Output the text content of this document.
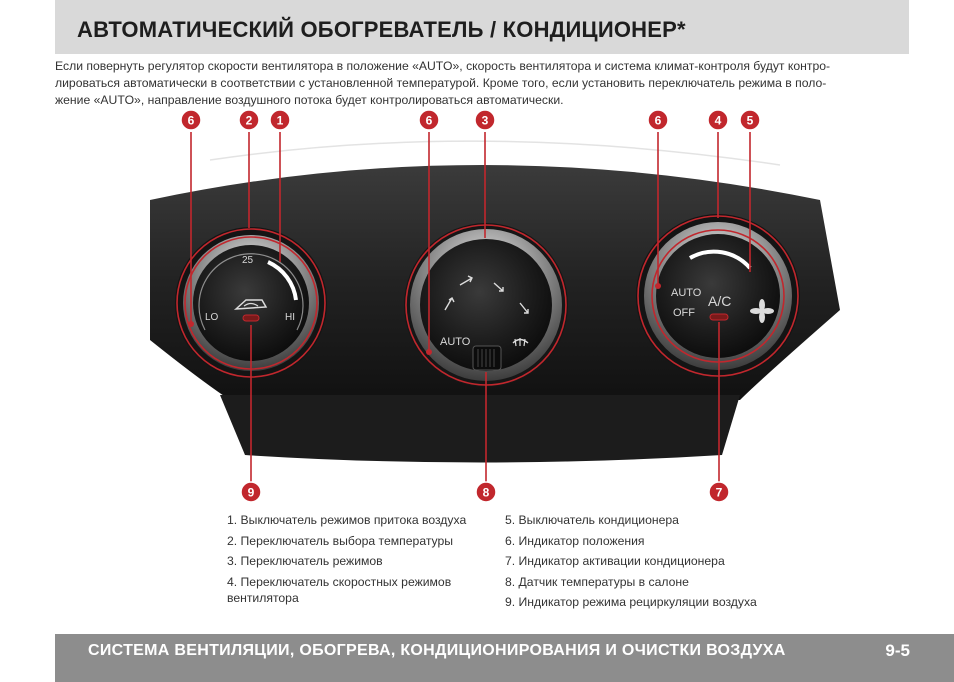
АВТОМАТИЧЕСКИЙ ОБОГРЕВАТЕЛЬ / КОНДИЦИОНЕР*

Если повернуть регулятор скорости вентилятора в положение «AUTO», скорость вентилятора и система климат-контроля будут контро-

лироваться автоматически в соответствии с установленной температурой. Кроме того, если установить переключатель режима в поло-

жение «AUTO», направление воздушного потока будет контролироваться автоматически.

25
LO	HI
AUTO
AUTO
OFF
A/C
6	2 1	6	3	6	4 5
9	8	7
1. Выключатель режимов притока воздуха
2. Переключатель выбора температуры
3. Переключатель режимов
4. Переключатель скоростных режимов вентилятора
5. Выключатель кондиционера
6. Индикатор положения
7. Индикатор активации кондиционера
8. Датчик температуры в салоне
9. Индикатор режима рециркуляции воздуха
СИСТЕМА ВЕНТИЛЯЦИИ, ОБОГРЕВА, КОНДИЦИОНИРОВАНИЯ И ОЧИСТКИ ВОЗДУХА	9-5
